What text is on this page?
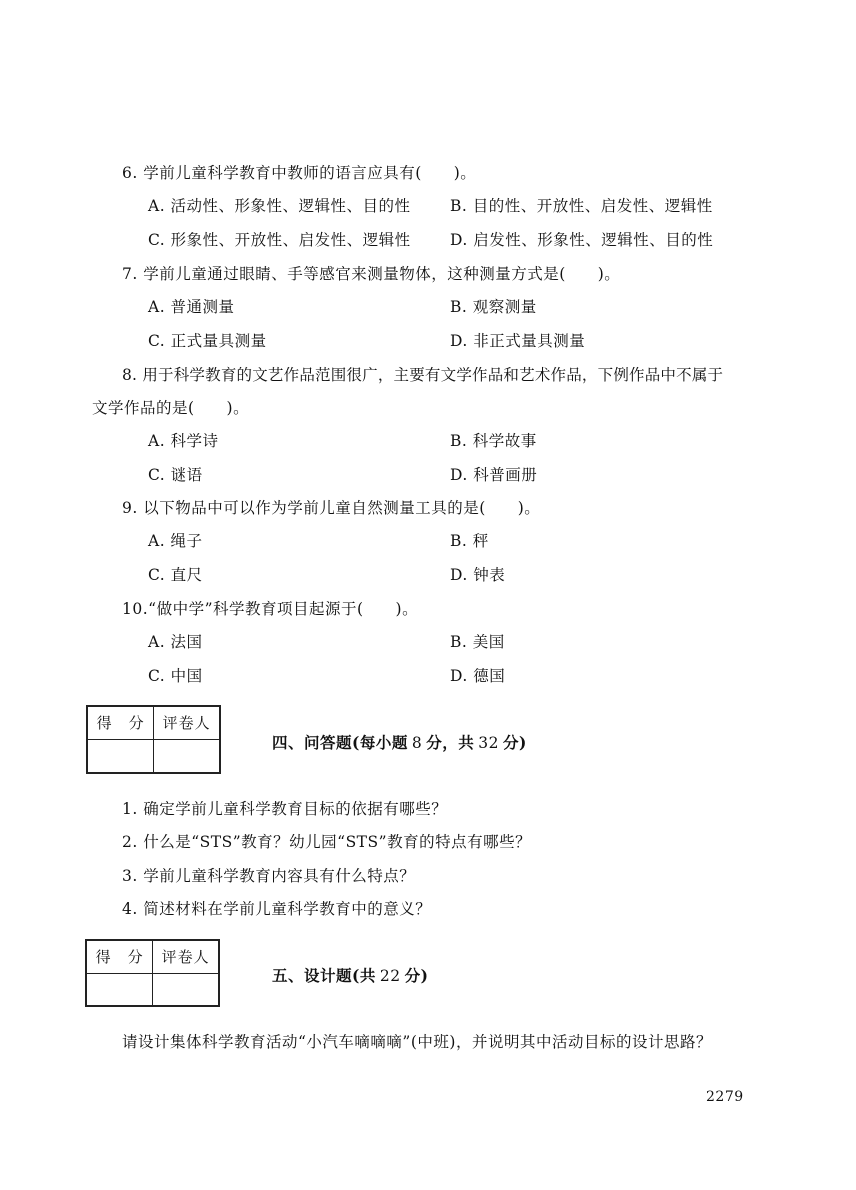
6. 学前儿童科学教育中教师的语言应具有(　　)。
A. 活动性、形象性、逻辑性、目的性	B. 目的性、开放性、启发性、逻辑性
C. 形象性、开放性、启发性、逻辑性	D. 启发性、形象性、逻辑性、目的性
7. 学前儿童通过眼睛、手等感官来测量物体，这种测量方式是(　　)。
A. 普通测量	B. 观察测量
C. 正式量具测量	D. 非正式量具测量
8. 用于科学教育的文艺作品范围很广，主要有文学作品和艺术作品，下例作品中不属于
文学作品的是(　　)。
A. 科学诗	B. 科学故事
C. 谜语	D. 科普画册
9. 以下物品中可以作为学前儿童自然测量工具的是(　　)。
A. 绳子	B. 秤
C. 直尺	D. 钟表
10.“做中学”科学教育项目起源于(　　)。
A. 法国	B. 美国
C. 中国	D. 德国
得　分	评卷人

四、问答题(每小题 8 分，共 32 分)
1. 确定学前儿童科学教育目标的依据有哪些？
2. 什么是“STS”教育？幼儿园“STS”教育的特点有哪些？
3. 学前儿童科学教育内容具有什么特点？
4. 简述材料在学前儿童科学教育中的意义？
得　分	评卷人

五、设计题(共 22 分)
请设计集体科学教育活动“小汽车嘀嘀嘀”(中班)，并说明其中活动目标的设计思路？
2279
